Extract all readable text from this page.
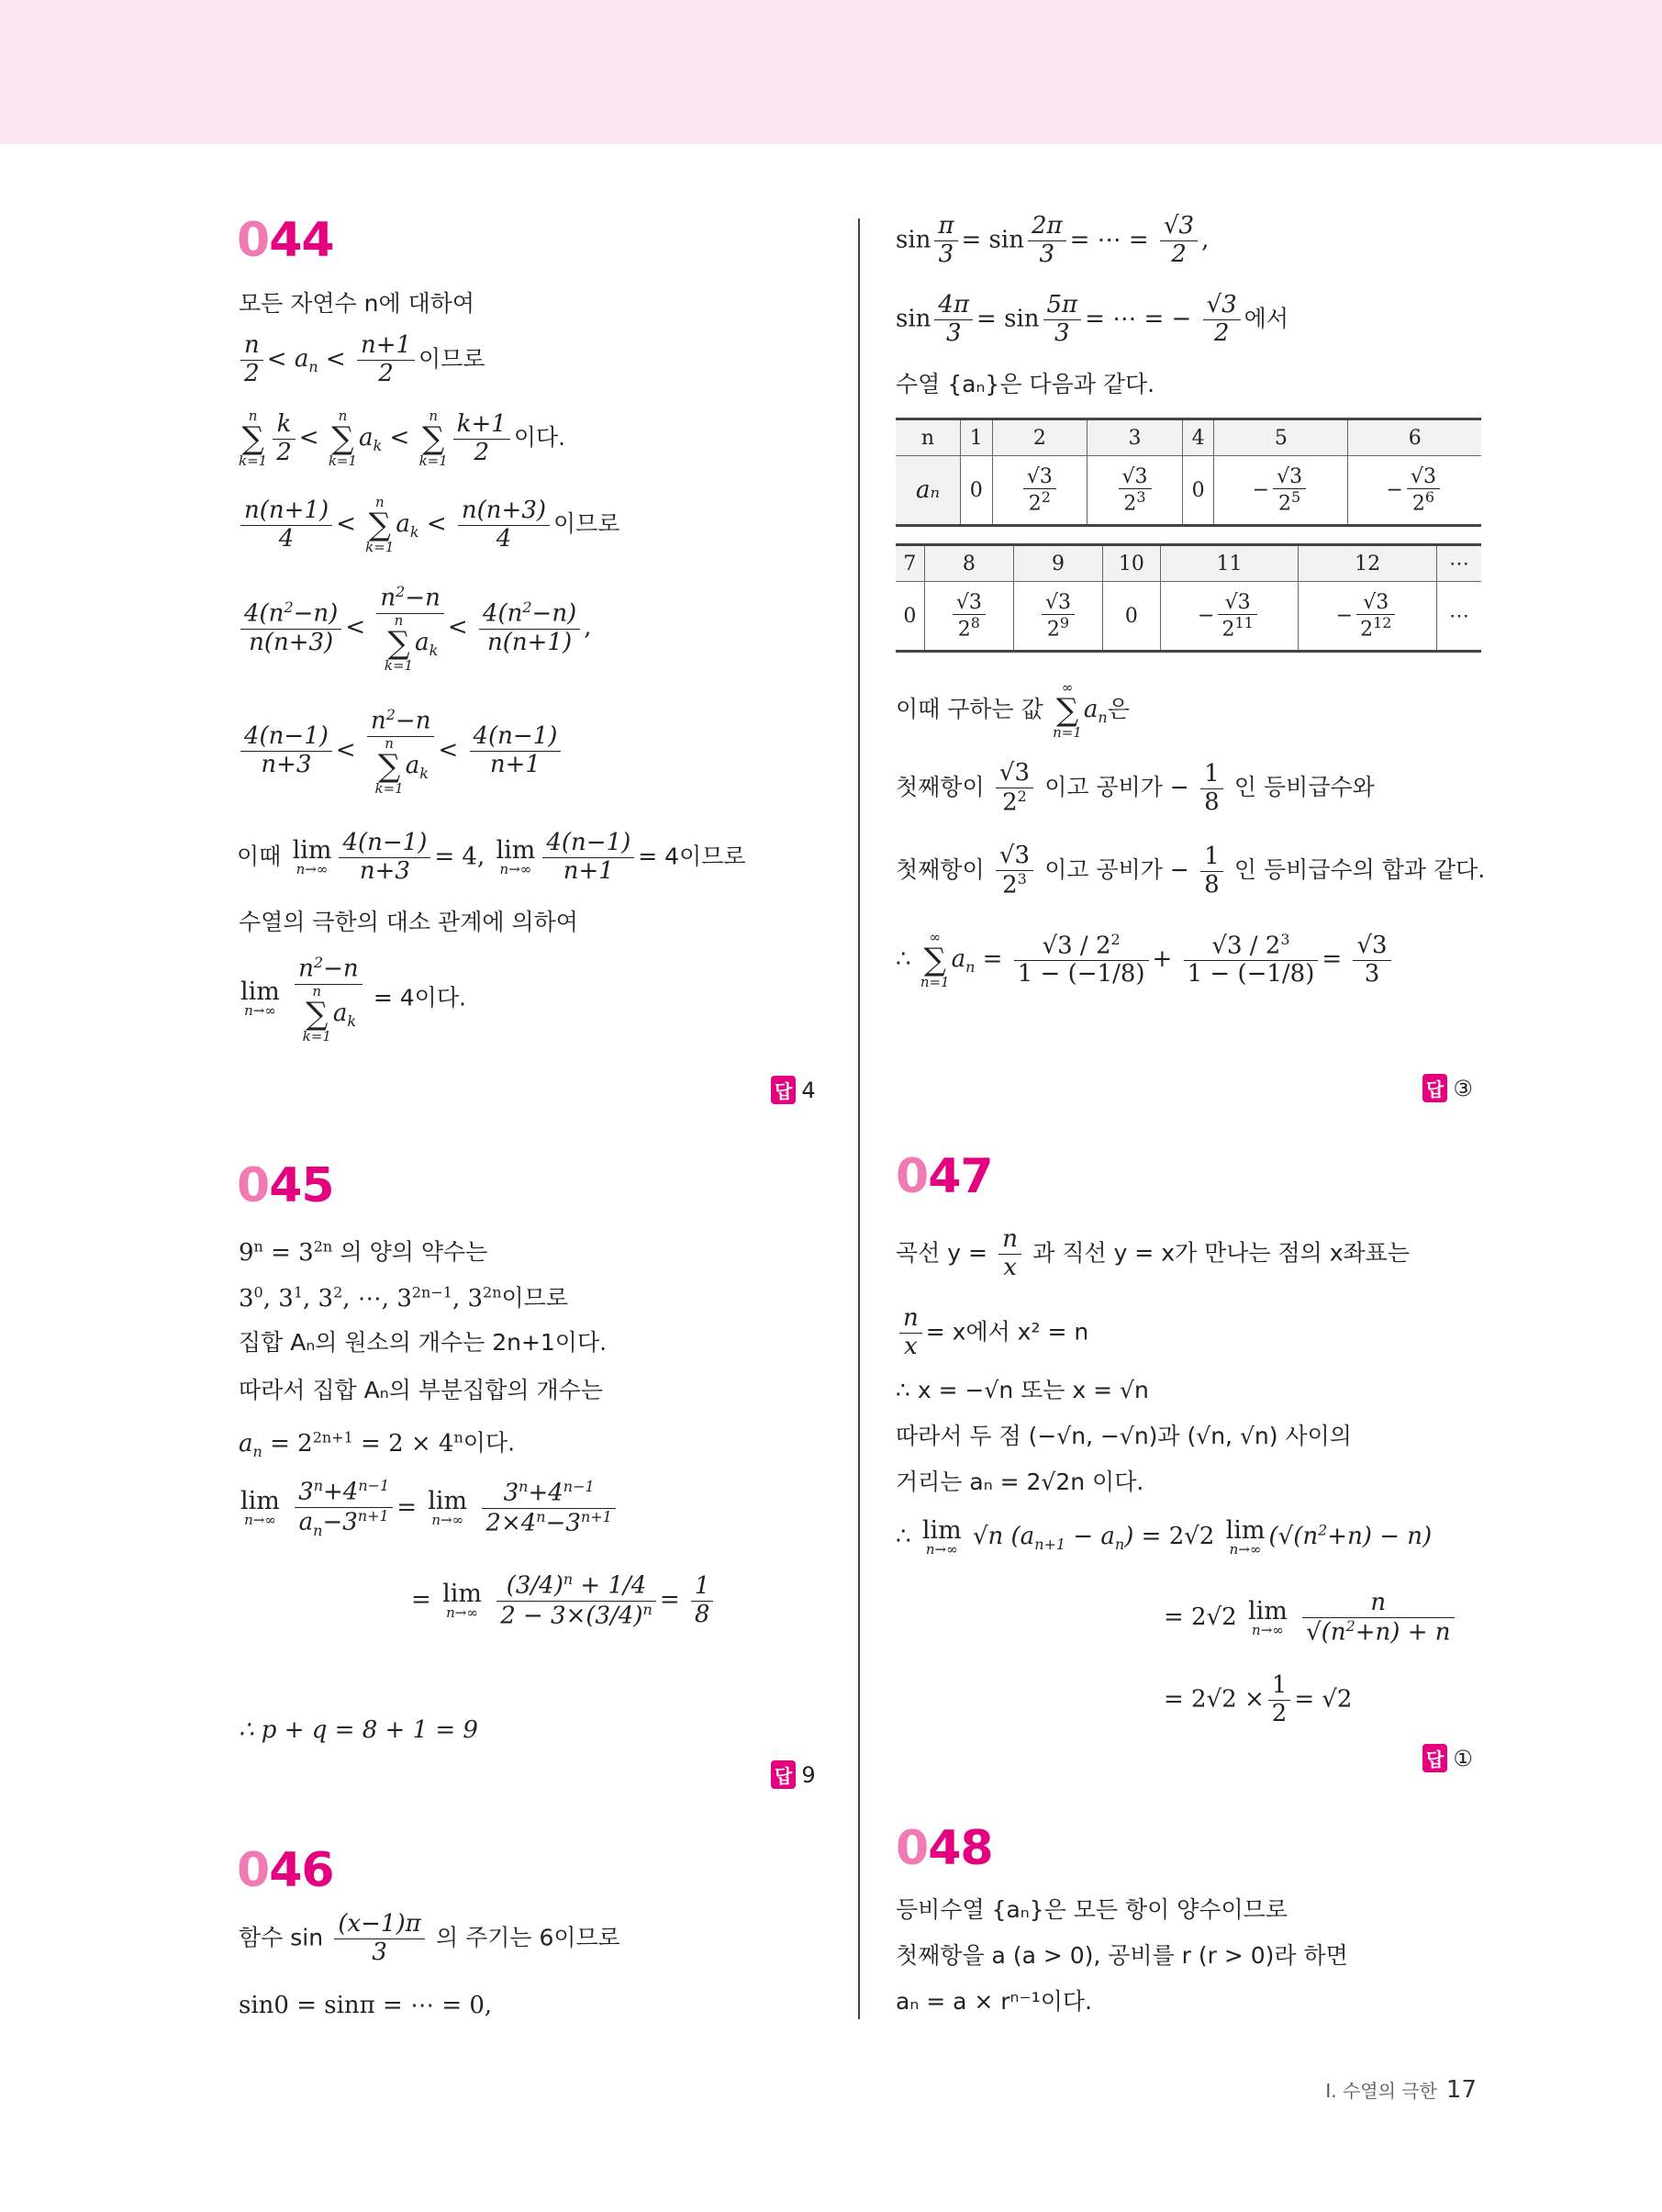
044
모든 자연수 n에 대하여
$\frac{n}{2} < a_n < \frac{n+1}{2}$ 이므로
n
∑
$k=1 \frac{k}{2} < n$
∑
$k=1a_k < n$
∑
$k=1 \frac{k+1}{2}$ 이다.
$\frac{n(n+1)}{4} < n$
∑
$k=1a_k < \frac{n(n+3)}{4}$ 이므로
$\frac{4(n^2-n)}{n(n+3)} < n^2-n$
n
∑
$k=1a_k < \frac{4(n^2-n)}{n(n+1)}$ ,
$\frac{4(n-1)}{n+3} < n^2-n$
n
∑
$k=1a_k < \frac{4(n-1)}{n+1}$
이때 lim
$n\to\infty \frac{4(n-1)}{n+3} = 4$, lim
$n\to\infty \frac{4(n-1)}{n+1} = 4$이므로
수열의 극한의 대소 관계에 의하여
lim
n→∞
$n^2-n$
n
∑
$k=1a_k = 4$이다.
답 4
045
$9^n = 3^{2n}$ 의 양의 약수는
$3^0$, $3^1$, $3^2$, ⋯, $3^{2n-1}$, $3^{2n}$이므로
집합 Aₙ의 원소의 개수는 2n+1이다.
따라서 집합 Aₙ의 부분집합의 개수는
$a_n = 2^{2n+1} = 2 \times 4^n$이다.
lim
n→∞
$\frac{3^n+4^{n-1}}{a_n-3^{n+1}} = \lim$
n→∞
$\frac{3^n+4^{n-1}}{2\times 4^n-3^{n+1}}$
= lim
n→∞
$\frac{(3/4)^n + 1/4}{2 - 3\times(3/4)^n} = \frac{1}{8}$
∴ p + q = 8 + 1 = 9
답 9
046
함수 $\sin \frac{(x-1)\pi}{3}$ 의 주기는 6이므로
sin0 = sinπ = ⋯ = 0,
$\sin \frac{\pi}{3} = \sin \frac{2\pi}{3}$ = ⋯ = $\frac{√3}{2}$ ,
$\sin \frac{4\pi}{3} = \sin \frac{5\pi}{3}$ = ⋯ = − $\frac{√3}{2}$ 에서
수열 {aₙ}은 다음과 같다.
n	1	2	3	4	5	6
aₙ	0	$\frac{√3}{2^2}$	$\frac{√3}{2^3}$	0	− $\frac{√3}{2^5}$	− $\frac{√3}{2^6}$
7	8	9	10	11	12	⋯
0	$\frac{√3}{2^8}$	$\frac{√3}{2^9}$	0	− $\frac{√3}{2^{11}}$	− $\frac{√3}{2^{12}}$	⋯
이때 구하는 값 ∞
∑
$n=1a_n$은
첫째항이 $\frac{√3}{2^2}$ 이고 공비가 − $\frac{1}{8}$ 인 등비급수와
첫째항이 $\frac{√3}{2^3}$ 이고 공비가 − $\frac{1}{8}$ 인 등비급수의 합과 같다.
∴ ∞
∑
$n=1a_n = \frac{√3 / 2^2}{1 - (-1/8)} + \frac{√3 / 2^3}{1 - (-1/8)} = \frac{√3}{3}$
답 ③
047
곡선 $y = \frac{n}{x}$ 과 직선 y = x가 만나는 점의 x좌표는
$\frac{n}{x} = x$에서 x² = n
∴ x = −√n 또는 x = √n
따라서 두 점 (−√n, −√n)과 (√n, √n) 사이의
거리는 aₙ = 2√2n 이다.
∴ lim
n→∞ √n $(a_{n+1} - a_n) = 2√2$ lim
n→∞ $(√(n^2+n) - n)$
= 2√2 lim
n→∞
$\frac{n}{√(n^2+n) + n}$
= $2√2 \times \frac{1}{2} = √2$
답 ①
048
등비수열 {aₙ}은 모든 항이 양수이므로
첫째항을 a (a > 0), 공비를 r (r > 0)라 하면
aₙ = a × rⁿ⁻¹이다.
Ⅰ. 수열의 극한 17
